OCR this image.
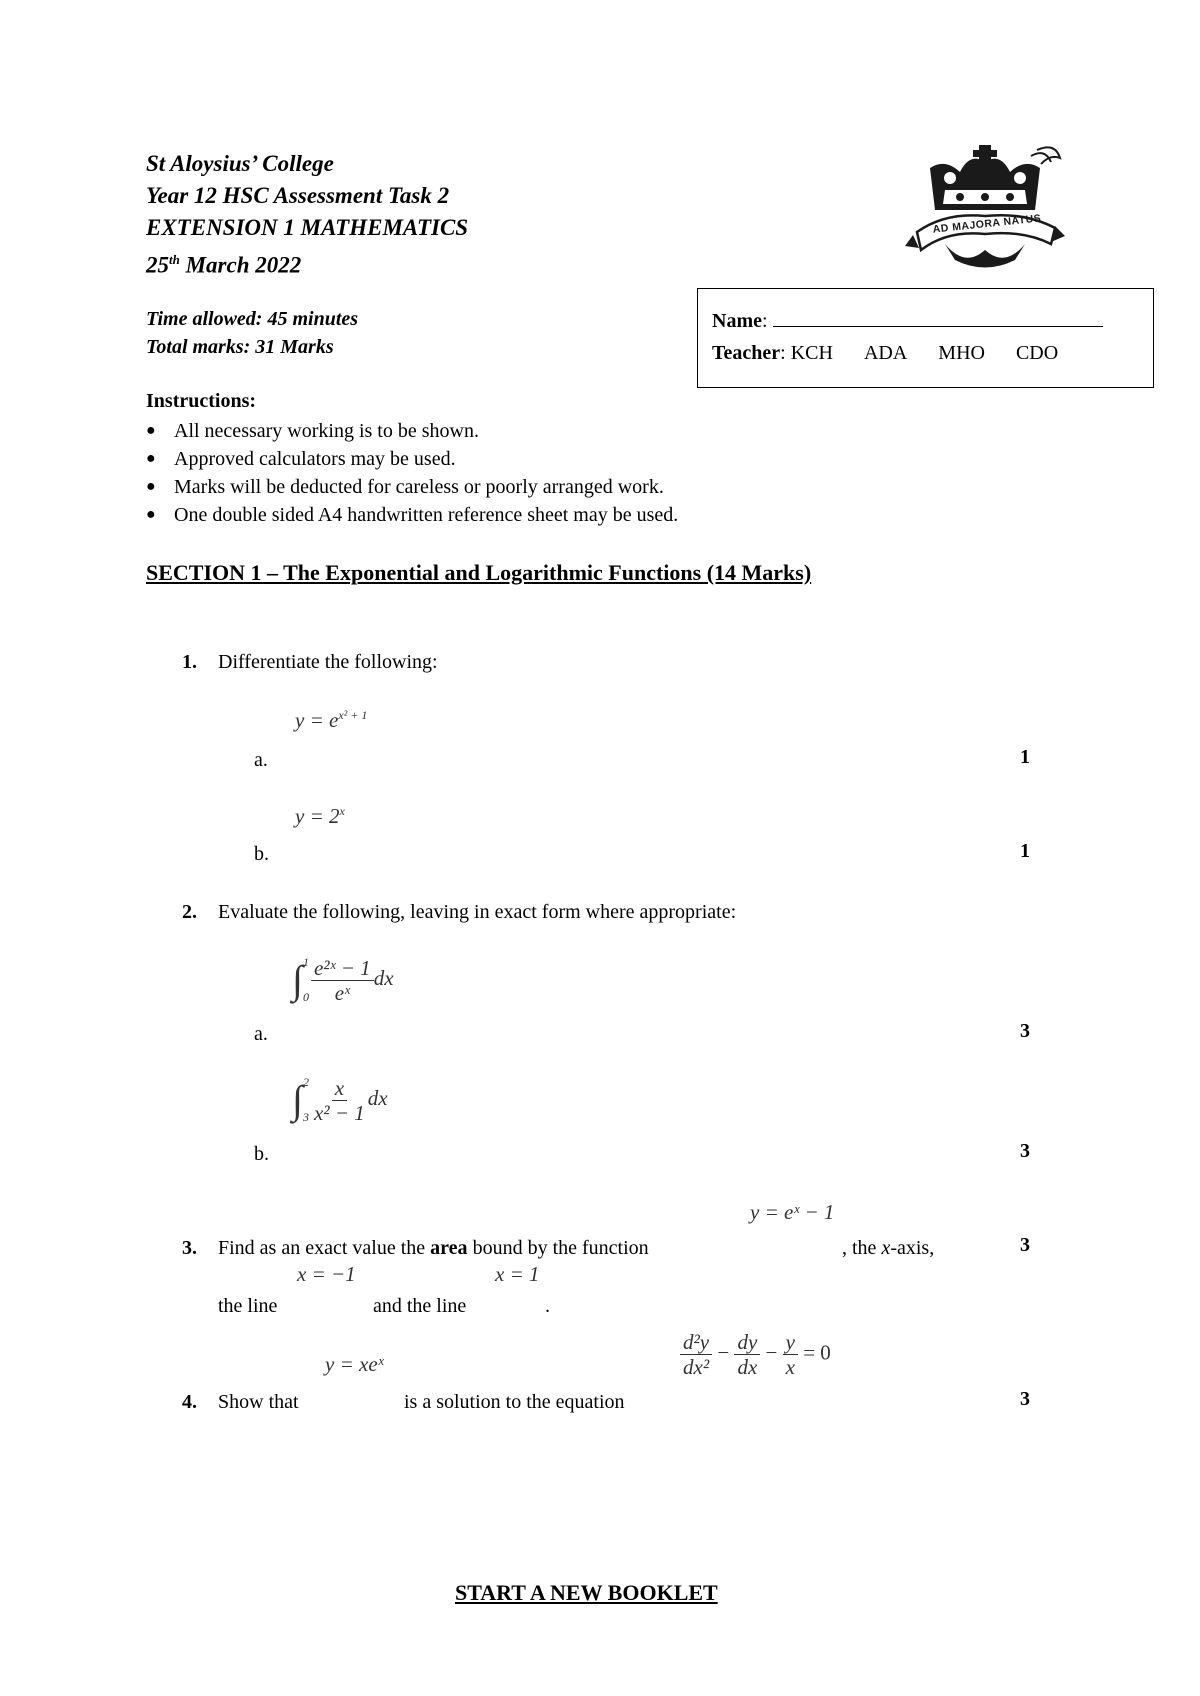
St Aloysius’ College
Year 12 HSC Assessment Task 2
EXTENSION 1 MATHEMATICS
25th March 2022
Time allowed: 45 minutes
Total marks: 31 Marks
AD MAJORA NATUS
Name:
Teacher: KCH ADA MHO CDO
Instructions:
● All necessary working is to be shown.
● Approved calculators may be used.
● Marks will be deducted for careless or poorly arranged work.
● One double sided A4 handwritten reference sheet may be used.
SECTION 1 – The Exponential and Logarithmic Functions (14 Marks)
1. Differentiate the following:
$y = e^{x^2 + 1}$
a.	1
$y = 2^x$
b.	1
2. Evaluate the following, leaving in exact form where appropriate:
∫ 1
$0 \frac{\text{e²ˣ − 1}}{\text{eˣ}}$ dx
a.	3
∫ 2
$3 \frac{x}{\text{x² − 1}}$ dx
b.	3
y = eˣ − 1
3. Find as an exact value the area bound by the function	, the x-axis,	3
x = −1	x = 1
the line	and the line	.
y = xeˣ	$\frac{\text{d²y}}{\text{dx²}} - \frac{dy}{dx} - \frac{y}{x} = 0$
4. Show that	is a solution to the equation	3
START A NEW BOOKLET
